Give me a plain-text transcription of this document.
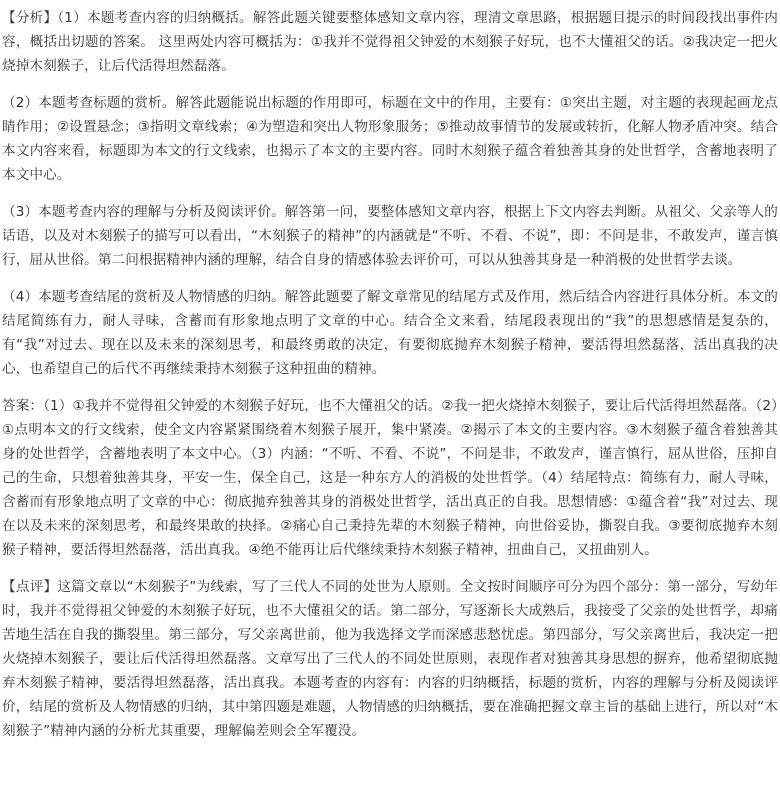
【分析】（1）本题考查内容的归纳概括。解答此题关键要整体感知文章内容，理清文章思路，根据题目提示的时间段找出事件内容，概括出切题的答案。 这里两处内容可概括为：①我并不觉得祖父钟爱的木刻猴子好玩，也不大懂祖父的话。②我决定一把火烧掉木刻猴子，让后代活得坦然磊落。

（2）本题考查标题的赏析。解答此题能说出标题的作用即可，标题在文中的作用，主要有：①突出主题，对主题的表现起画龙点睛作用；②设置悬念；③指明文章线索；④为塑造和突出人物形象服务；⑤推动故事情节的发展或转折，化解人物矛盾冲突。结合本文内容来看，标题即为本文的行文线索，也揭示了本文的主要内容。同时木刻猴子蕴含着独善其身的处世哲学，含蓄地表明了本文中心。

（3）本题考查内容的理解与分析及阅读评价。解答第一问，要整体感知文章内容，根据上下文内容去判断。从祖父、父亲等人的话语，以及对木刻猴子的描写可以看出，“木刻猴子的精神”的内涵就是“不听、不看、不说”，即：不问是非，不敢发声，谨言慎行，屈从世俗。第二问根据精神内涵的理解，结合自身的情感体验去评价可，可以从独善其身是一种消极的处世哲学去谈。

（4）本题考查结尾的赏析及人物情感的归纳。解答此题要了解文章常见的结尾方式及作用，然后结合内容进行具体分析。本文的结尾简练有力，耐人寻味，含蓄而有形象地点明了文章的中心。结合全文来看，结尾段表现出的“我”的思想感情是复杂的，有“我”对过去、现在以及未来的深刻思考，和最终勇敢的决定，有要彻底抛弃木刻猴子精神，要活得坦然磊落，活出真我的决心，也希望自己的后代不再继续秉持木刻猴子这种扭曲的精神。

答案：（1）①我并不觉得祖父钟爱的木刻猴子好玩，也不大懂祖父的话。②我一把火烧掉木刻猴子，要让后代活得坦然磊落。（2）①点明本文的行文线索，使全文内容紧紧围绕着木刻猴子展开，集中紧凑。②揭示了本文的主要内容。③木刻猴子蕴含着独善其身的处世哲学，含蓄地表明了本文中心。（3）内涵：“不听、不看、不说”，不问是非，不敢发声，谨言慎行，屈从世俗，压抑自己的生命，只想着独善其身，平安一生，保全自己，这是一种东方人的消极的处世哲学。（4）结尾特点：简练有力，耐人寻味，含蓄而有形象地点明了文章的中心：彻底抛弃独善其身的消极处世哲学，活出真正的自我。思想情感：①蕴含着“我”对过去、现在以及未来的深刻思考，和最终果敢的抉择。②痛心自己秉持先辈的木刻猴子精神，向世俗妥协，撕裂自我。③要彻底抛弃木刻猴子精神，要活得坦然磊落，活出真我。④绝不能再让后代继续秉持木刻猴子精神，扭曲自己，又扭曲别人。

【点评】这篇文章以“木刻猴子”为线索，写了三代人不同的处世为人原则。全文按时间顺序可分为四个部分：第一部分，写幼年时，我并不觉得祖父钟爱的木刻猴子好玩，也不大懂祖父的话。第二部分，写逐渐长大成熟后，我接受了父亲的处世哲学，却痛苦地生活在自我的撕裂里。第三部分，写父亲离世前，他为我选择文学而深感悲愁忧虑。第四部分，写父亲离世后，我决定一把火烧掉木刻猴子，要让后代活得坦然磊落。文章写出了三代人的不同处世原则，表现作者对独善其身思想的摒弃，他希望彻底抛弃木刻猴子精神，要活得坦然磊落，活出真我。本题考查的内容有：内容的归纳概括，标题的赏析，内容的理解与分析及阅读评价，结尾的赏析及人物情感的归纳，其中第四题是难题，人物情感的归纳概括，要在准确把握文章主旨的基础上进行，所以对“木刻猴子”精神内涵的分析尤其重要，理解偏差则会全军覆没。
